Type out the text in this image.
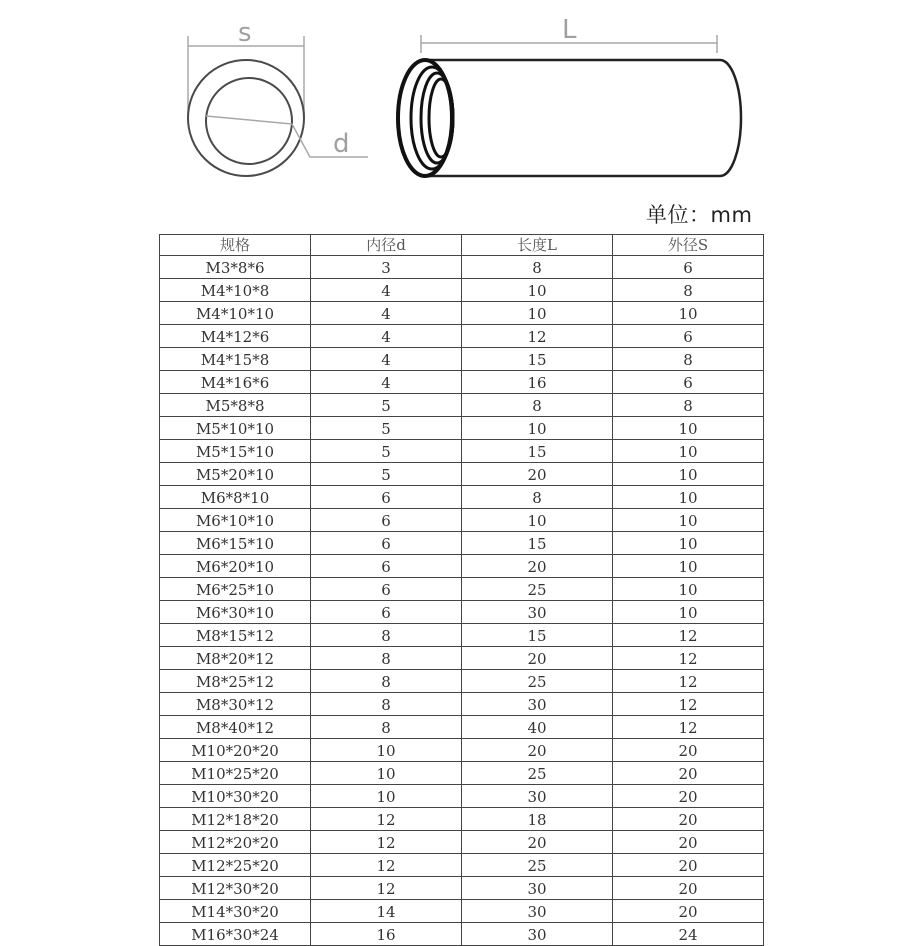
s
d
L
单位：mm
规格	内径d	长度L	外径S
M3*8*6	3	8	6
M4*10*8	4	10	8
M4*10*10	4	10	10
M4*12*6	4	12	6
M4*15*8	4	15	8
M4*16*6	4	16	6
M5*8*8	5	8	8
M5*10*10	5	10	10
M5*15*10	5	15	10
M5*20*10	5	20	10
M6*8*10	6	8	10
M6*10*10	6	10	10
M6*15*10	6	15	10
M6*20*10	6	20	10
M6*25*10	6	25	10
M6*30*10	6	30	10
M8*15*12	8	15	12
M8*20*12	8	20	12
M8*25*12	8	25	12
M8*30*12	8	30	12
M8*40*12	8	40	12
M10*20*20	10	20	20
M10*25*20	10	25	20
M10*30*20	10	30	20
M12*18*20	12	18	20
M12*20*20	12	20	20
M12*25*20	12	25	20
M12*30*20	12	30	20
M14*30*20	14	30	20
M16*30*24	16	30	24
